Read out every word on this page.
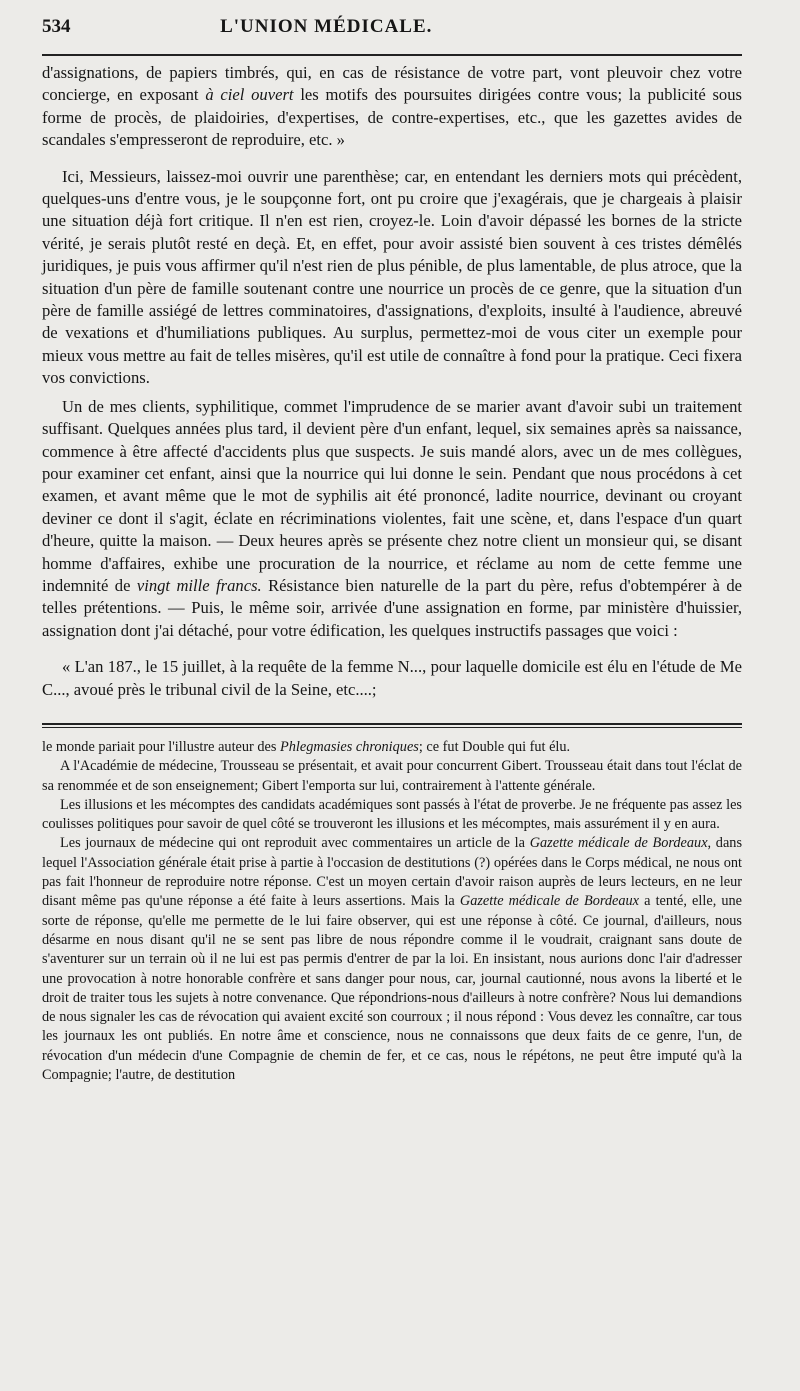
534	L'UNION MÉDICALE.

d'assignations, de papiers timbrés, qui, en cas de résistance de votre part, vont pleuvoir chez votre concierge, en exposant à ciel ouvert les motifs des poursuites dirigées contre vous; la publicité sous forme de procès, de plaidoiries, d'expertises, de contre-expertises, etc., que les gazettes avides de scandales s'empresseront de reproduire, etc. »

Ici, Messieurs, laissez-moi ouvrir une parenthèse; car, en entendant les derniers mots qui précèdent, quelques-uns d'entre vous, je le soupçonne fort, ont pu croire que j'exagérais, que je chargeais à plaisir une situation déjà fort critique. Il n'en est rien, croyez-le. Loin d'avoir dépassé les bornes de la stricte vérité, je serais plutôt resté en deçà. Et, en effet, pour avoir assisté bien souvent à ces tristes démêlés juridiques, je puis vous affirmer qu'il n'est rien de plus pénible, de plus lamentable, de plus atroce, que la situation d'un père de famille soutenant contre une nourrice un procès de ce genre, que la situation d'un père de famille assiégé de lettres comminatoires, d'assignations, d'exploits, insulté à l'audience, abreuvé de vexations et d'humiliations publiques. Au surplus, permettez-moi de vous citer un exemple pour mieux vous mettre au fait de telles misères, qu'il est utile de connaître à fond pour la pratique. Ceci fixera vos convictions.

Un de mes clients, syphilitique, commet l'imprudence de se marier avant d'avoir subi un traitement suffisant. Quelques années plus tard, il devient père d'un enfant, lequel, six semaines après sa naissance, commence à être affecté d'accidents plus que suspects. Je suis mandé alors, avec un de mes collègues, pour examiner cet enfant, ainsi que la nourrice qui lui donne le sein. Pendant que nous procédons à cet examen, et avant même que le mot de syphilis ait été prononcé, ladite nourrice, devinant ou croyant deviner ce dont il s'agit, éclate en récriminations violentes, fait une scène, et, dans l'espace d'un quart d'heure, quitte la maison. — Deux heures après se présente chez notre client un monsieur qui, se disant homme d'affaires, exhibe une procuration de la nourrice, et réclame au nom de cette femme une indemnité de vingt mille francs. Résistance bien naturelle de la part du père, refus d'obtempérer à de telles prétentions. — Puis, le même soir, arrivée d'une assignation en forme, par ministère d'huissier, assignation dont j'ai détaché, pour votre édification, les quelques instructifs passages que voici :

« L'an 187., le 15 juillet, à la requête de la femme N..., pour laquelle domicile est élu en l'étude de Me C..., avoué près le tribunal civil de la Seine, etc....;

le monde pariait pour l'illustre auteur des Phlegmasies chroniques; ce fut Double qui fut élu.

A l'Académie de médecine, Trousseau se présentait, et avait pour concurrent Gibert. Trousseau était dans tout l'éclat de sa renommée et de son enseignement; Gibert l'emporta sur lui, contrairement à l'attente générale.

Les illusions et les mécomptes des candidats académiques sont passés à l'état de proverbe. Je ne fréquente pas assez les coulisses politiques pour savoir de quel côté se trouveront les illusions et les mécomptes, mais assurément il y en aura.

Les journaux de médecine qui ont reproduit avec commentaires un article de la Gazette médicale de Bordeaux, dans lequel l'Association générale était prise à partie à l'occasion de destitutions (?) opérées dans le Corps médical, ne nous ont pas fait l'honneur de reproduire notre réponse. C'est un moyen certain d'avoir raison auprès de leurs lecteurs, en ne leur disant même pas qu'une réponse a été faite à leurs assertions. Mais la Gazette médicale de Bordeaux a tenté, elle, une sorte de réponse, qu'elle me permette de le lui faire observer, qui est une réponse à côté. Ce journal, d'ailleurs, nous désarme en nous disant qu'il ne se sent pas libre de nous répondre comme il le voudrait, craignant sans doute de s'aventurer sur un terrain où il ne lui est pas permis d'entrer de par la loi. En insistant, nous aurions donc l'air d'adresser une provocation à notre honorable confrère et sans danger pour nous, car, journal cautionné, nous avons la liberté et le droit de traiter tous les sujets à notre convenance. Que répondrions-nous d'ailleurs à notre confrère? Nous lui demandions de nous signaler les cas de révocation qui avaient excité son courroux ; il nous répond : Vous devez les connaître, car tous les journaux les ont publiés. En notre âme et conscience, nous ne connaissons que deux faits de ce genre, l'un, de révocation d'un médecin d'une Compagnie de chemin de fer, et ce cas, nous le répétons, ne peut être imputé qu'à la Compagnie; l'autre, de destitution
